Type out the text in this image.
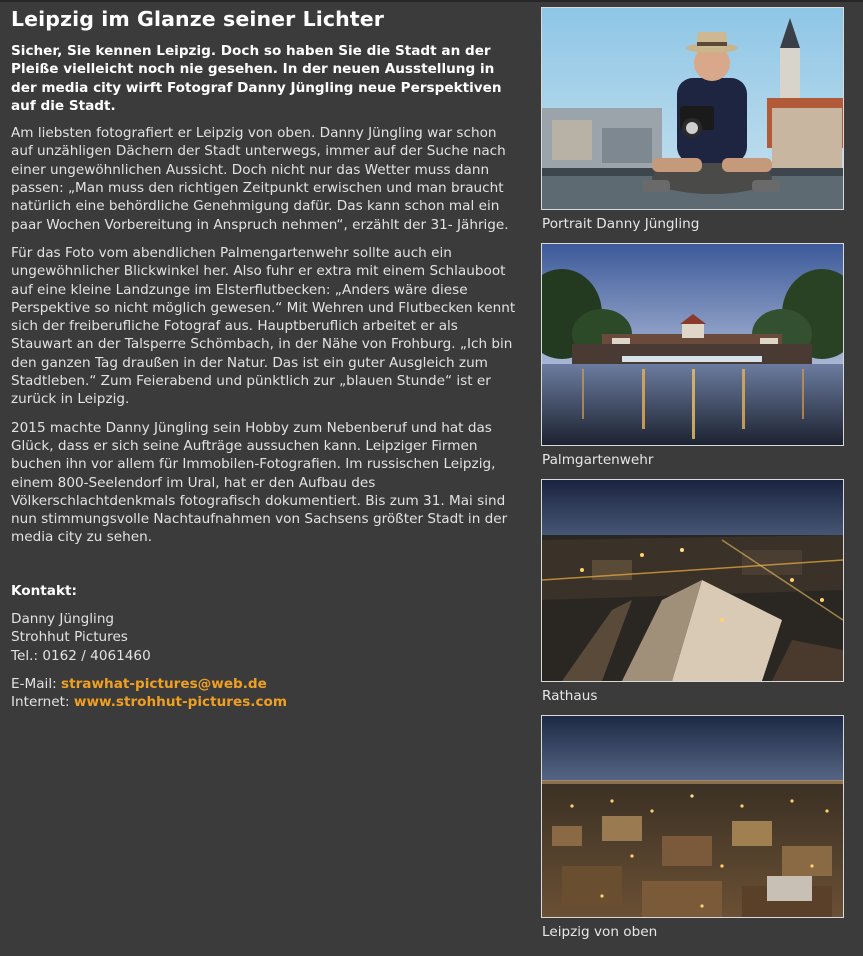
Leipzig im Glanze seiner Lichter

Sicher, Sie kennen Leipzig. Doch so haben Sie die Stadt an der Pleiße vielleicht noch nie gesehen. In der neuen Ausstellung in der media city wirft Fotograf Danny Jüngling neue Perspektiven auf die Stadt.

Am liebsten fotografiert er Leipzig von oben. Danny Jüngling war schon auf unzähligen Dächern der Stadt unterwegs, immer auf der Suche nach einer ungewöhnlichen Aussicht. Doch nicht nur das Wetter muss dann passen: „Man muss den richtigen Zeitpunkt erwischen und man braucht natürlich eine behördliche Genehmigung dafür. Das kann schon mal ein paar Wochen Vorbereitung in Anspruch nehmen“, erzählt der 31- Jährige.

Für das Foto vom abendlichen Palmengartenwehr sollte auch ein ungewöhnlicher Blickwinkel her. Also fuhr er extra mit einem Schlauboot auf eine kleine Landzunge im Elsterflutbecken: „Anders wäre diese Perspektive so nicht möglich gewesen.“ Mit Wehren und Flutbecken kennt sich der freiberufliche Fotograf aus. Hauptberuflich arbeitet er als Stauwart an der Talsperre Schömbach, in der Nähe von Frohburg. „Ich bin den ganzen Tag draußen in der Natur. Das ist ein guter Ausgleich zum Stadtleben.“ Zum Feierabend und pünktlich zur „blauen Stunde“ ist er zurück in Leipzig.

2015 machte Danny Jüngling sein Hobby zum Nebenberuf und hat das Glück, dass er sich seine Aufträge aussuchen kann. Leipziger Firmen buchen ihn vor allem für Immobilen-Fotografien. Im russischen Leipzig, einem 800-Seelendorf im Ural, hat er den Aufbau des Völkerschlachtdenkmals fotografisch dokumentiert. Bis zum 31. Mai sind nun stimmungsvolle Nachtaufnahmen von Sachsens größter Stadt in der media city zu sehen.

Kontakt:
Danny Jüngling
Strohhut Pictures
Tel.: 0162 / 4061460
E-Mail: strawhat-pictures@web.de
Internet: www.strohhut-pictures.com
Portrait Danny Jüngling
Palmgartenwehr
Rathaus
Leipzig von oben
